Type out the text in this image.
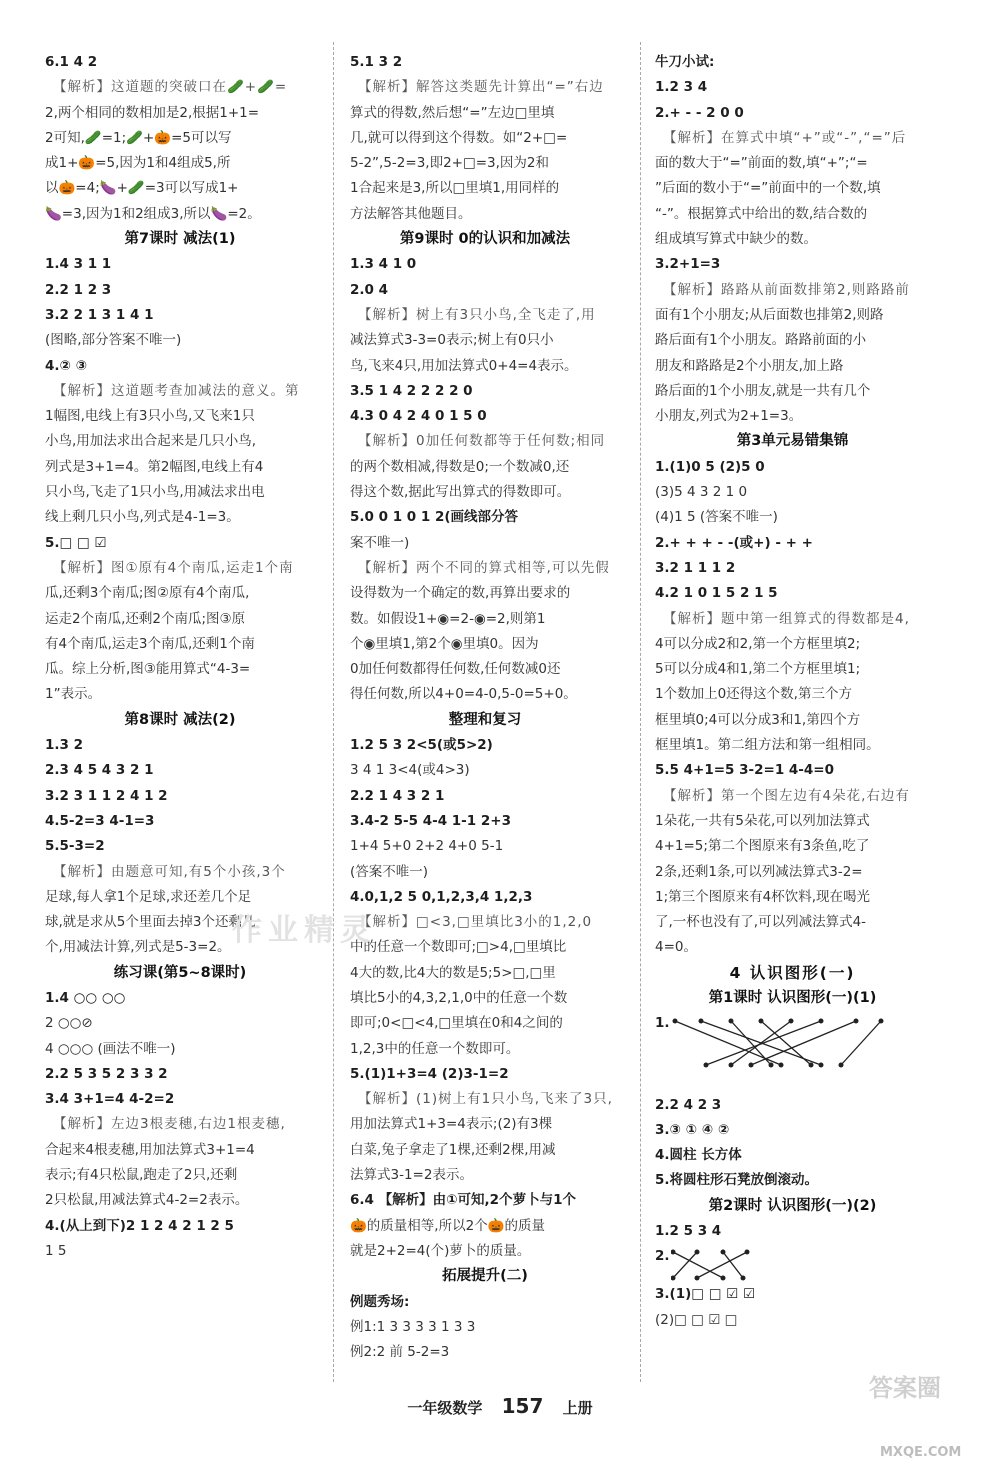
6.1 4 2
【解析】这道题的突破口在🥒+🥒=
2,两个相同的数相加是2,根据1+1=
2可知,🥒=1;🥒+🎃=5可以写
成1+🎃=5,因为1和4组成5,所
以🎃=4;🍆+🥒=3可以写成1+
🍆=3,因为1和2组成3,所以🍆=2。
第7课时 减法(1)
1.4 3 1 1
2.2 1 2 3
3.2 2 1 3 1 4 1
(图略,部分答案不唯一)
4.② ③
【解析】这道题考查加减法的意义。第
1幅图,电线上有3只小鸟,又飞来1只
小鸟,用加法求出合起来是几只小鸟,
列式是3+1=4。第2幅图,电线上有4
只小鸟,飞走了1只小鸟,用减法求出电
线上剩几只小鸟,列式是4-1=3。
5.□ □ ☑
【解析】图①原有4个南瓜,运走1个南
瓜,还剩3个南瓜;图②原有4个南瓜,
运走2个南瓜,还剩2个南瓜;图③原
有4个南瓜,运走3个南瓜,还剩1个南
瓜。综上分析,图③能用算式“4-3=
1”表示。
第8课时 减法(2)
1.3 2
2.3 4 5 4 3 2 1
3.2 3 1 1 2 4 1 2
4.5-2=3 4-1=3
5.5-3=2
【解析】由题意可知,有5个小孩,3个
足球,每人拿1个足球,求还差几个足
球,就是求从5个里面去掉3个还剩几
个,用减法计算,列式是5-3=2。
练习课(第5~8课时)
1.4 ○○ ○○
2 ○○⊘
4 ○○○ (画法不唯一)
2.2 5 3 5 2 3 3 2
3.4 3+1=4 4-2=2
【解析】左边3根麦穗,右边1根麦穗,
合起来4根麦穗,用加法算式3+1=4
表示;有4只松鼠,跑走了2只,还剩
2只松鼠,用减法算式4-2=2表示。
4.(从上到下)2 1 2 4 2 1 2 5
1 5
5.1 3 2
【解析】解答这类题先计算出“=”右边
算式的得数,然后想“=”左边□里填
几,就可以得到这个得数。如“2+□=
5-2”,5-2=3,即2+□=3,因为2和
1合起来是3,所以□里填1,用同样的
方法解答其他题目。
第9课时 0的认识和加减法
1.3 4 1 0
2.0 4
【解析】树上有3只小鸟,全飞走了,用
减法算式3-3=0表示;树上有0只小
鸟,飞来4只,用加法算式0+4=4表示。
3.5 1 4 2 2 2 2 0
4.3 0 4 2 4 0 1 5 0
【解析】0加任何数都等于任何数;相同
的两个数相减,得数是0;一个数减0,还
得这个数,据此写出算式的得数即可。
5.0 0 1 0 1 2(画线部分答
案不唯一)
【解析】两个不同的算式相等,可以先假
设得数为一个确定的数,再算出要求的
数。如假设1+◉=2-◉=2,则第1
个◉里填1,第2个◉里填0。因为
0加任何数都得任何数,任何数减0还
得任何数,所以4+0=4-0,5-0=5+0。
整理和复习
1.2 5 3 2<5(或5>2)
3 4 1 3<4(或4>3)
2.2 1 4 3 2 1
3.4-2 5-5 4-4 1-1 2+3
1+4 5+0 2+2 4+0 5-1
(答案不唯一)
4.0,1,2 5 0,1,2,3,4 1,2,3
【解析】□<3,□里填比3小的1,2,0
中的任意一个数即可;□>4,□里填比
4大的数,比4大的数是5;5>□,□里
填比5小的4,3,2,1,0中的任意一个数
即可;0<□<4,□里填在0和4之间的
1,2,3中的任意一个数即可。
5.(1)1+3=4 (2)3-1=2
【解析】(1)树上有1只小鸟,飞来了3只,
用加法算式1+3=4表示;(2)有3棵
白菜,兔子拿走了1棵,还剩2棵,用减
法算式3-1=2表示。
6.4 【解析】由①可知,2个萝卜与1个
🎃的质量相等,所以2个🎃的质量
就是2+2=4(个)萝卜的质量。
拓展提升(二)
例题秀场:
例1:1 3 3 3 3 1 3 3
例2:2 前 5-2=3
牛刀小试:
1.2 3 4
2.+ - - 2 0 0
【解析】在算式中填“+”或“-”,“=”后
面的数大于“=”前面的数,填“+”;“=
”后面的数小于“=”前面中的一个数,填
“-”。根据算式中给出的数,结合数的
组成填写算式中缺少的数。
3.2+1=3
【解析】路路从前面数排第2,则路路前
面有1个小朋友;从后面数也排第2,则路
路后面有1个小朋友。路路前面的小
朋友和路路是2个小朋友,加上路
路后面的1个小朋友,就是一共有几个
小朋友,列式为2+1=3。
第3单元易错集锦
1.(1)0 5 (2)5 0
(3)5 4 3 2 1 0
(4)1 5 (答案不唯一)
2.+ + + - -(或+) - + +
3.2 1 1 1 2
4.2 1 0 1 5 2 1 5
【解析】题中第一组算式的得数都是4,
4可以分成2和2,第一个方框里填2;
5可以分成4和1,第二个方框里填1;
1个数加上0还得这个数,第三个方
框里填0;4可以分成3和1,第四个方
框里填1。第二组方法和第一组相同。
5.5 4+1=5 3-2=1 4-4=0
【解析】第一个图左边有4朵花,右边有
1朵花,一共有5朵花,可以列加法算式
4+1=5;第二个图原来有3条鱼,吃了
2条,还剩1条,可以列减法算式3-2=
1;第三个图原来有4杯饮料,现在喝光
了,一杯也没有了,可以列减法算式4-
4=0。
4 认识图形(一)
第1课时 认识图形(一)(1)
1.
2.2 4 2 3
3.③ ① ④ ②
4.圆柱 长方体
5.将圆柱形石凳放倒滚动。
第2课时 认识图形(一)(2)
1.2 5 3 4
2.
3.(1)□ □ ☑ ☑
(2)□ □ ☑ □
一年级数学 157 上册
答案圈
MXQE.COM
作业精灵
